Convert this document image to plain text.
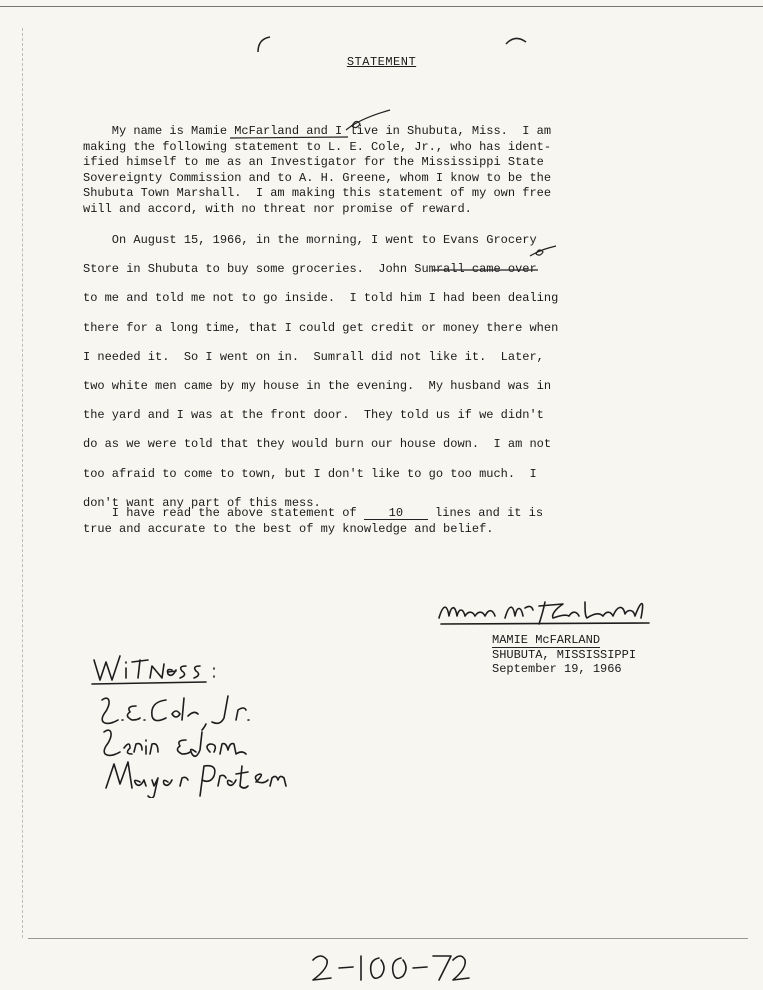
STATEMENT
My name is Mamie McFarland and I live in Shubuta, Miss.  I am
making the following statement to L. E. Cole, Jr., who has ident-
ified himself to me as an Investigator for the Mississippi State
Sovereignty Commission and to A. H. Greene, whom I know to be the
Shubuta Town Marshall.  I am making this statement of my own free
will and accord, with no threat nor promise of reward.
On August 15, 1966, in the morning, I went to Evans Grocery
Store in Shubuta to buy some groceries.  John Sumrall came over
to me and told me not to go inside.  I told him I had been dealing
there for a long time, that I could get credit or money there when
I needed it.  So I went on in.  Sumrall did not like it.  Later,
two white men came by my house in the evening.  My husband was in
the yard and I was at the front door.  They told us if we didn't
do as we were told that they would burn our house down.  I am not
too afraid to come to town, but I don't like to go too much.  I
don't want any part of this mess.
I have read the above statement of 10 lines and it is
true and accurate to the best of my knowledge and belief.
MAMIE McFARLAND
SHUBUTA, MISSISSIPPI
September 19, 1966
